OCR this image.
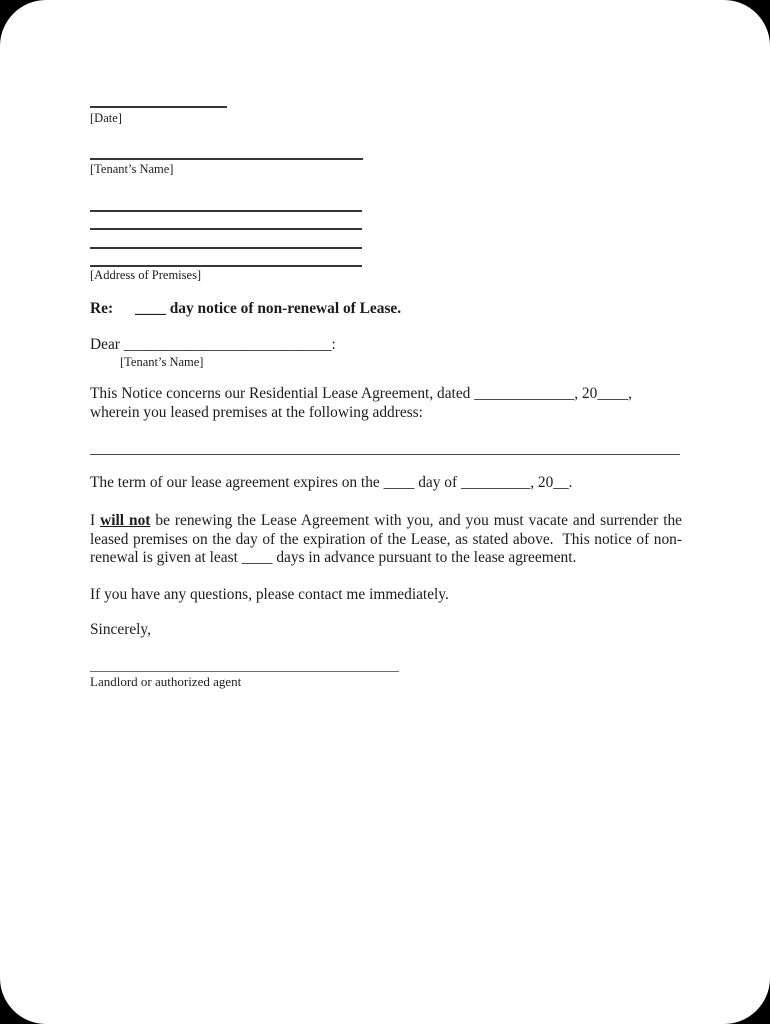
[Date]
[Tenant’s Name]
[Address of Premises]
Re: ____ day notice of non-renewal of Lease.
Dear ___________________________:
[Tenant’s Name]
This Notice concerns our Residential Lease Agreement, dated _____________, 20____,
wherein you leased premises at the following address:
The term of our lease agreement expires on the ____ day of _________, 20__.
I will not be renewing the Lease Agreement with you, and you must vacate and surrender the
leased premises on the day of the expiration of the Lease, as stated above.  This notice of non-
renewal is given at least ____ days in advance pursuant to the lease agreement.
If you have any questions, please contact me immediately.
Sincerely,
Landlord or authorized agent
